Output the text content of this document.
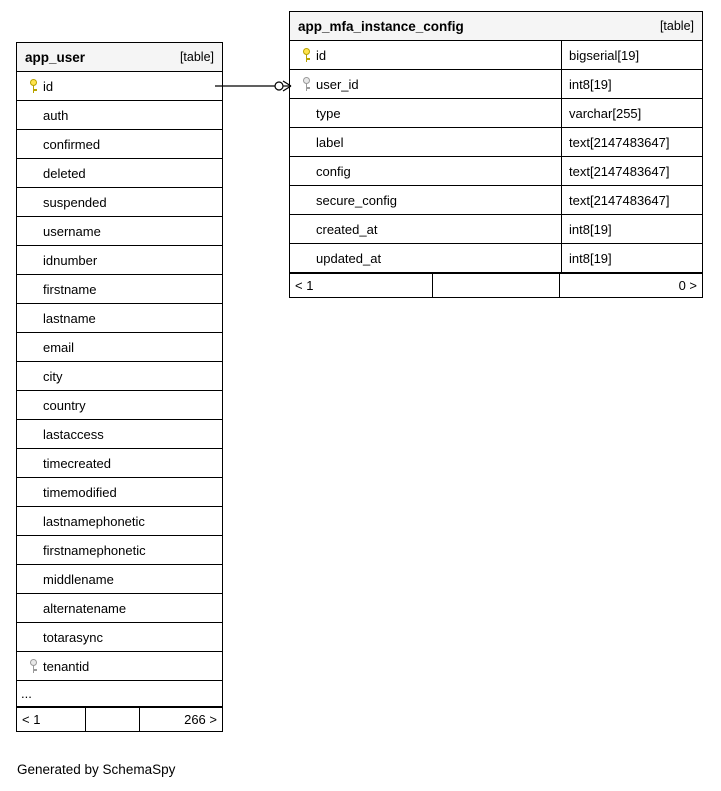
app_user	[table]
id
auth
confirmed
deleted
suspended
username
idnumber
firstname
lastname
email
city
country
lastaccess
timecreated
timemodified
lastnamephonetic
firstnamephonetic
middlename
alternatename
totarasync
tenantid
...
< 1	266 >
app_mfa_instance_config	[table]
id	bigserial[19]
user_id	int8[19]
type	varchar[255]
label	text[2147483647]
config	text[2147483647]
secure_config	text[2147483647]
created_at	int8[19]
updated_at	int8[19]
< 1	0 >
Generated by SchemaSpy
